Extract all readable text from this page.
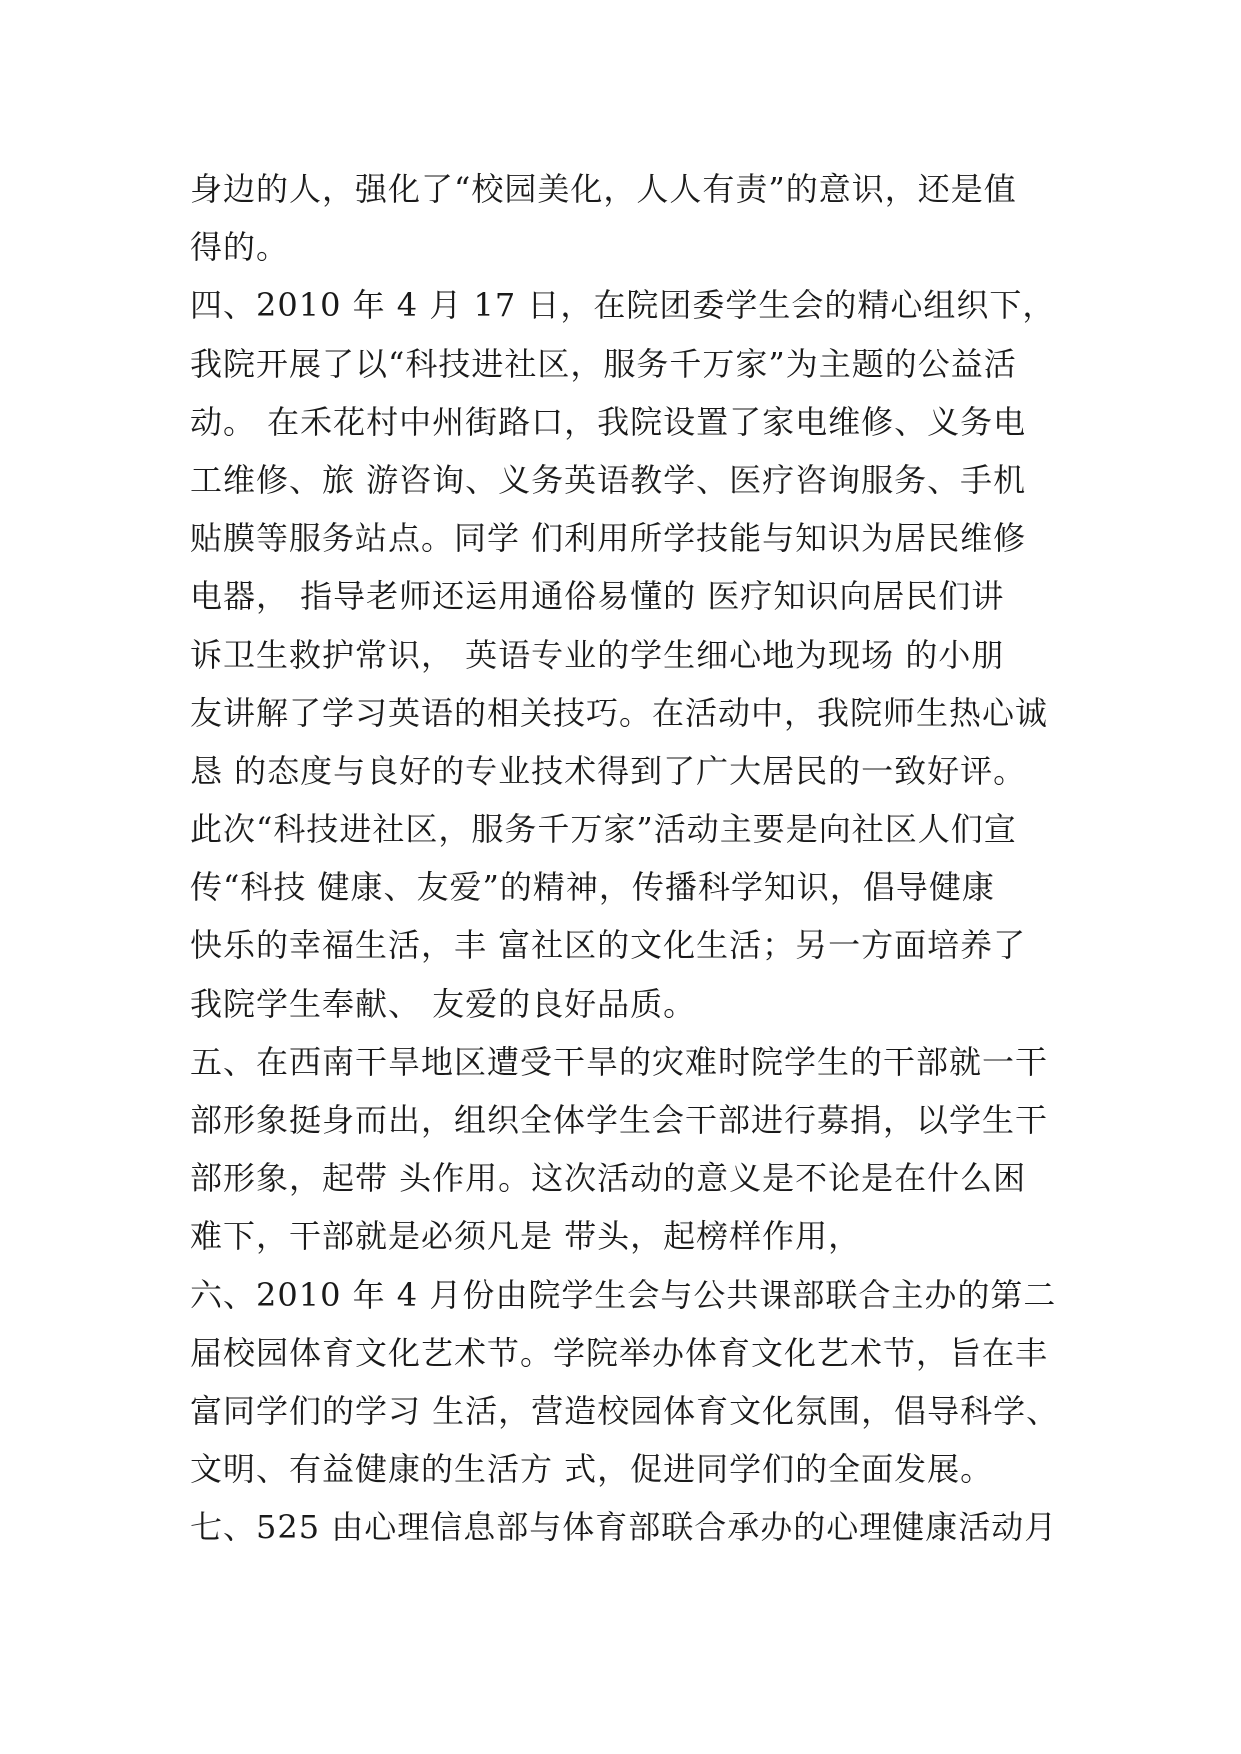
身边的人，强化了“校园美化，人人有责”的意识，还是值
得的。
四、2010 年 4 月 17 日，在院团委学生会的精心组织下，
我院开展了以“科技进社区，服务千万家”为主题的公益活
动。 在禾花村中州街路口，我院设置了家电维修、义务电
工维修、旅 游咨询、义务英语教学、医疗咨询服务、手机
贴膜等服务站点。同学 们利用所学技能与知识为居民维修
电器， 指导老师还运用通俗易懂的 医疗知识向居民们讲
诉卫生救护常识， 英语专业的学生细心地为现场 的小朋
友讲解了学习英语的相关技巧。在活动中，我院师生热心诚
恳 的态度与良好的专业技术得到了广大居民的一致好评。
此次“科技进社区，服务千万家”活动主要是向社区人们宣
传“科技 健康、友爱”的精神，传播科学知识，倡导健康
快乐的幸福生活，丰 富社区的文化生活；另一方面培养了
我院学生奉献、 友爱的良好品质。
五、在西南干旱地区遭受干旱的灾难时院学生的干部就一干
部形象挺身而出，组织全体学生会干部进行募捐，以学生干
部形象，起带 头作用。这次活动的意义是不论是在什么困
难下，干部就是必须凡是 带头，起榜样作用，
六、2010 年 4 月份由院学生会与公共课部联合主办的第二
届校园体育文化艺术节。学院举办体育文化艺术节，旨在丰
富同学们的学习 生活，营造校园体育文化氛围，倡导科学、
文明、有益健康的生活方 式，促进同学们的全面发展。
七、525 由心理信息部与体育部联合承办的心理健康活动月
